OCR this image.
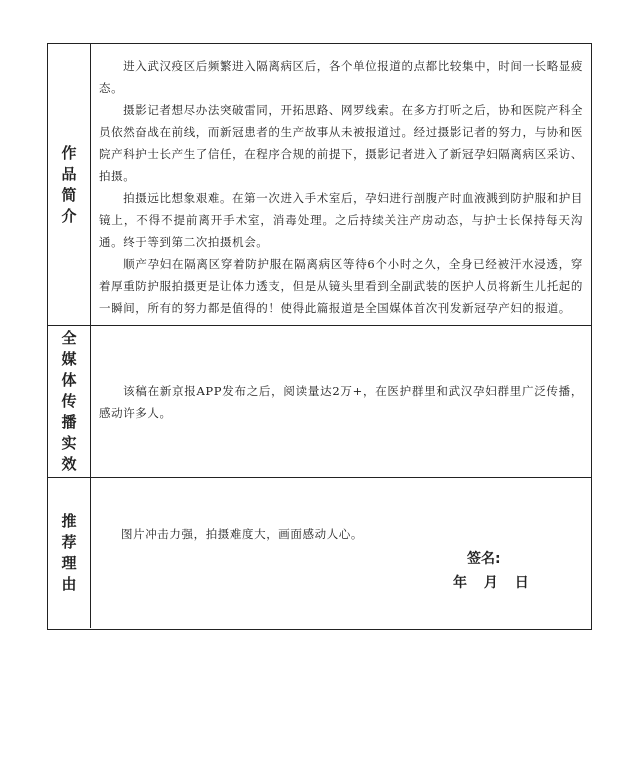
作品简介

进入武汉疫区后频繁进入隔离病区后，各个单位报道的点都比较集中，时间一长略显疲态。

摄影记者想尽办法突破雷同，开拓思路、网罗线索。在多方打听之后，协和医院产科全员依然奋战在前线，而新冠患者的生产故事从未被报道过。经过摄影记者的努力，与协和医院产科护士长产生了信任，在程序合规的前提下，摄影记者进入了新冠孕妇隔离病区采访、拍摄。

拍摄远比想象艰难。在第一次进入手术室后，孕妇进行剖腹产时血液溅到防护服和护目镜上，不得不提前离开手术室，消毒处理。之后持续关注产房动态，与护士长保持每天沟通。终于等到第二次拍摄机会。

顺产孕妇在隔离区穿着防护服在隔离病区等待6个小时之久，全身已经被汗水浸透，穿着厚重防护服拍摄更是让体力透支，但是从镜头里看到全副武装的医护人员将新生儿托起的一瞬间，所有的努力都是值得的！使得此篇报道是全国媒体首次刊发新冠孕产妇的报道。

全媒体传播实效

该稿在新京报APP发布之后，阅读量达2万+，在医护群里和武汉孕妇群里广泛传播，感动许多人。

推荐理由
图片冲击力强，拍摄难度大，画面感动人心。
签名:
年 月 日
